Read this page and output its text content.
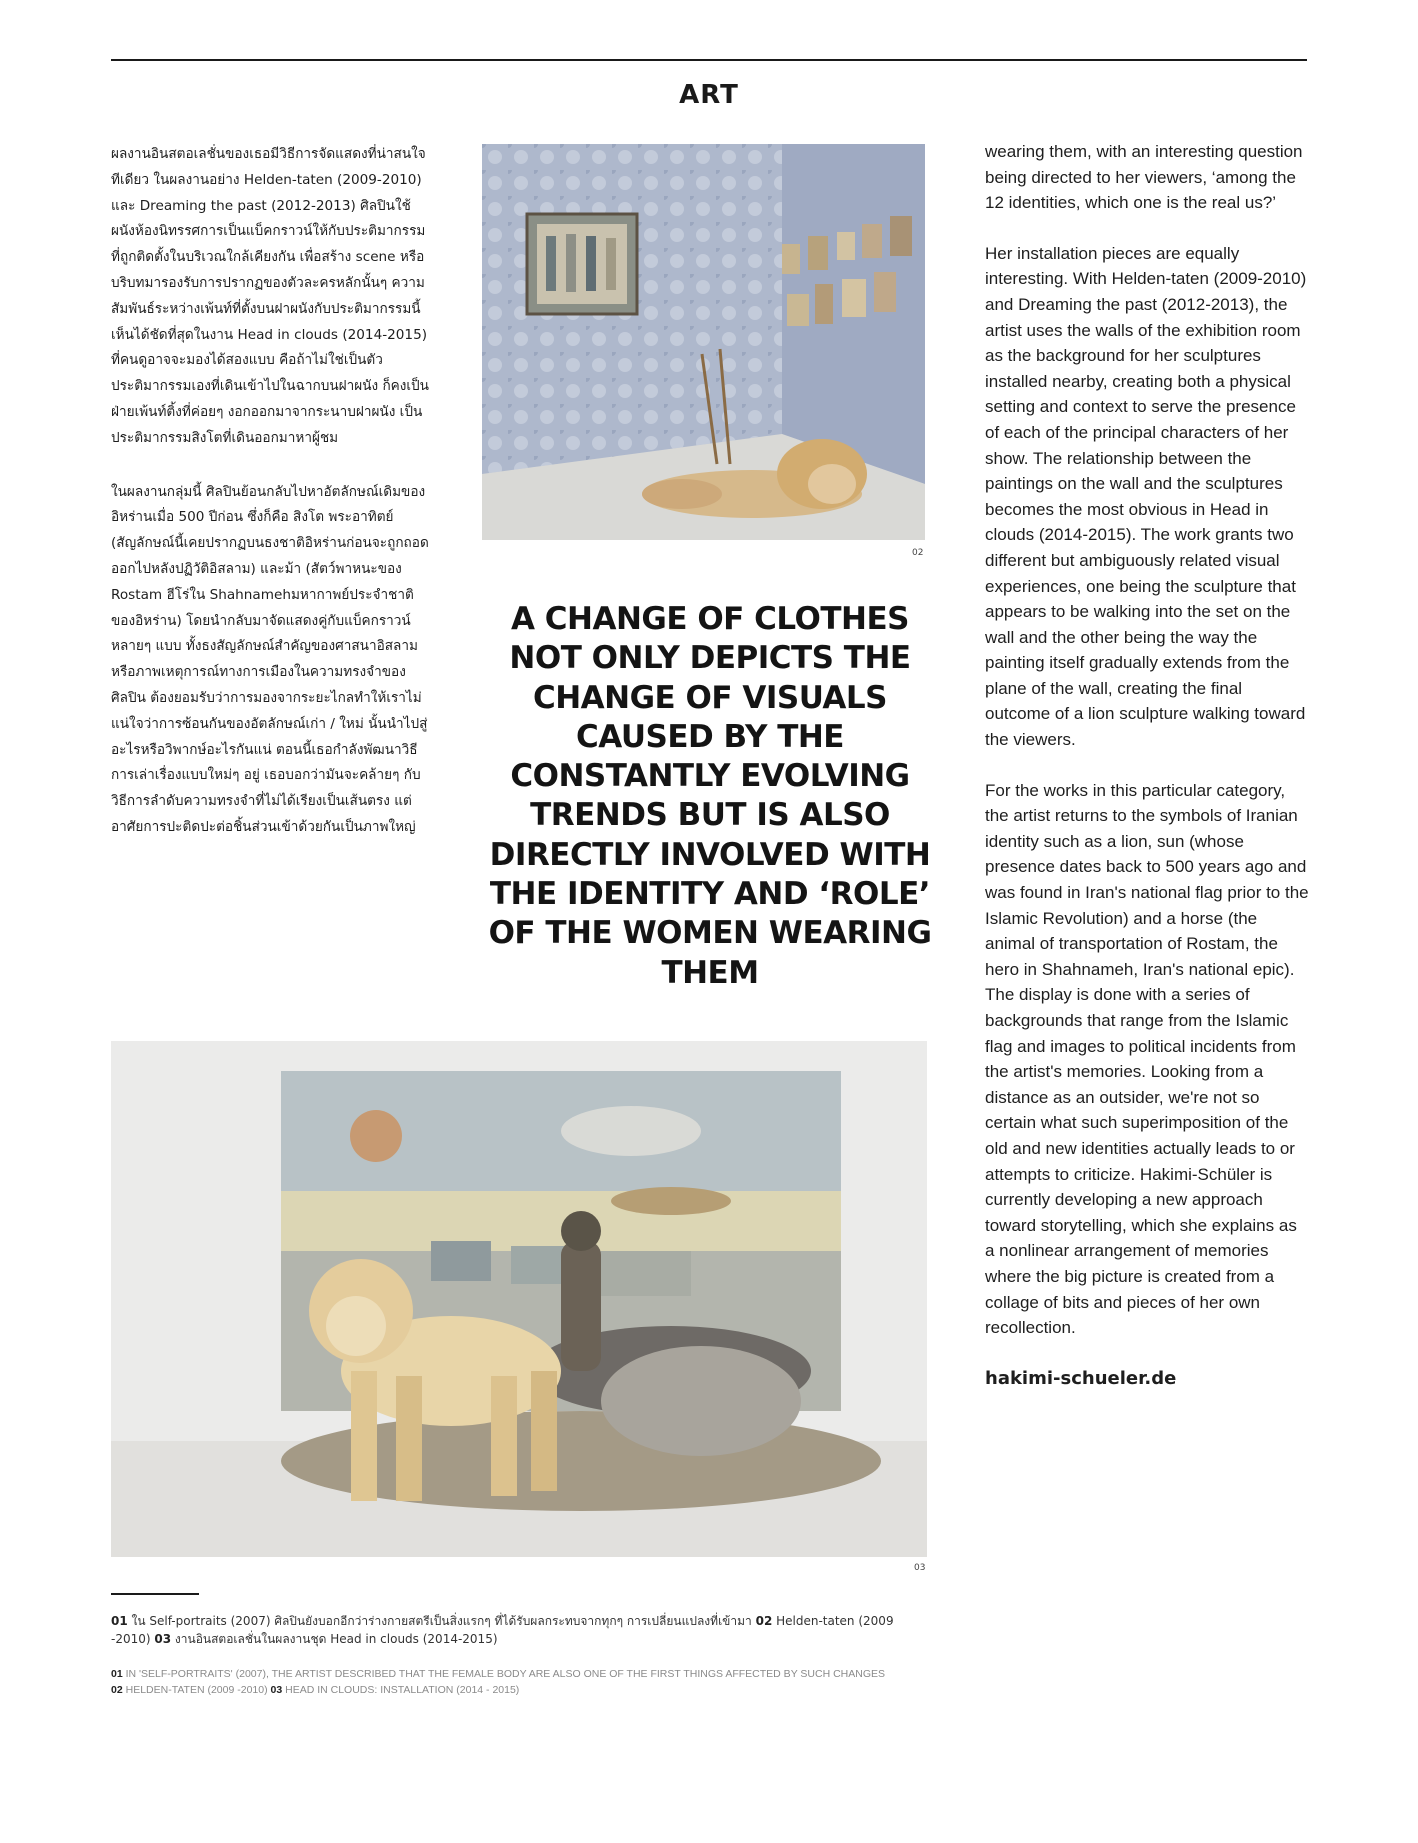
ART

ผลงานอินสตอเลชั่นของเธอมีวิธีการจัดแสดงที่น่าสนใจทีเดียว ในผลงานอย่าง Helden-taten (2009-2010) และ Dreaming the past (2012-2013) ศิลปินใช้ผนังห้องนิทรรศการเป็นแบ็คกราวน์ให้กับประติมากรรมที่ถูกติดตั้งในบริเวณใกล้เคียงกัน เพื่อสร้าง scene หรือบริบทมารองรับการปรากฏของตัวละครหลักนั้นๆ ความสัมพันธ์ระหว่างเพ้นท์ที่ตั้งบนฝาผนังกับประติมากรรมนี้เห็นได้ชัดที่สุดในงาน Head in clouds (2014-2015) ที่คนดูอาจจะมองได้สองแบบ คือถ้าไม่ใช่เป็นตัวประติมากรรมเองที่เดินเข้าไปในฉากบนฝาผนัง ก็คงเป็นฝ่ายเพ้นท์ติ้งที่ค่อยๆ งอกออกมาจากระนาบฝาผนัง เป็นประติมากรรมสิงโตที่เดินออกมาหาผู้ชม

ในผลงานกลุ่มนี้ ศิลปินย้อนกลับไปหาอัตลักษณ์เดิมของอิหร่านเมื่อ 500 ปีก่อน ซึ่งก็คือ สิงโต พระอาทิตย์ (สัญลักษณ์นี้เคยปรากฏบนธงชาติอิหร่านก่อนจะถูกถอดออกไปหลังปฏิวัติอิสลาม) และม้า (สัตว์พาหนะของ Rostam ฮีโร่ใน Shahnamehมหากาพย์ประจำชาติของอิหร่าน) โดยนำกลับมาจัดแสดงคู่กับแบ็คกราวน์หลายๆ แบบ ทั้งธงสัญลักษณ์สำคัญของศาสนาอิสลาม หรือภาพเหตุการณ์ทางการเมืองในความทรงจำของศิลปิน ต้องยอมรับว่าการมองจากระยะไกลทำให้เราไม่แน่ใจว่าการซ้อนกันของอัตลักษณ์เก่า / ใหม่ นั้นนำไปสู่อะไรหรือวิพากษ์อะไรกันแน่ ตอนนี้เธอกำลังพัฒนาวิธีการเล่าเรื่องแบบใหม่ๆ อยู่ เธอบอกว่ามันจะคล้ายๆ กับวิธีการลำดับความทรงจำที่ไม่ได้เรียงเป็นเส้นตรง แต่อาศัยการปะติดปะต่อชิ้นส่วนเข้าด้วยกันเป็นภาพใหญ่

02
A CHANGE OF CLOTHES NOT ONLY DEPICTS THE CHANGE OF VISUALS CAUSED BY THE CONSTANTLY EVOLVING TRENDS BUT IS ALSO DIRECTLY INVOLVED WITH THE IDENTITY AND ‘ROLE’ OF THE WOMEN WEARING THEM
03

wearing them, with an interesting question being directed to her viewers, ‘among the 12 identities, which one is the real us?’

Her installation pieces are equally interesting. With Helden-taten (2009-2010) and Dreaming the past (2012-2013), the artist uses the walls of the exhibition room as the background for her sculptures installed nearby, creating both a physical setting and context to serve the presence of each of the principal characters of her show. The relationship between the paintings on the wall and the sculptures becomes the most obvious in Head in clouds (2014-2015). The work grants two different but ambiguously related visual experiences, one being the sculpture that appears to be walking into the set on the wall and the other being the way the painting itself gradually extends from the plane of the wall, creating the final outcome of a lion sculpture walking toward the viewers.

For the works in this particular category, the artist returns to the symbols of Iranian identity such as a lion, sun (whose presence dates back to 500 years ago and was found in Iran's national flag prior to the Islamic Revolution) and a horse (the animal of transportation of Rostam, the hero in Shahnameh, Iran's national epic). The display is done with a series of backgrounds that range from the Islamic flag and images to political incidents from the artist's memories. Looking from a distance as an outsider, we're not so certain what such superimposition of the old and new identities actually leads to or attempts to criticize. Hakimi-Schüler is currently developing a new approach toward storytelling, which she explains as a nonlinear arrangement of memories where the big picture is created from a collage of bits and pieces of her own recollection.

hakimi-schueler.de
01 ใน Self-portraits (2007) ศิลปินยังบอกอีกว่าร่างกายสตรีเป็นสิ่งแรกๆ ที่ได้รับผลกระทบจากทุกๆ การเปลี่ยนแปลงที่เข้ามา 02 Helden-taten (2009 -2010) 03 งานอินสตอเลชั่นในผลงานชุด Head in clouds (2014-2015)
01 IN 'SELF-PORTRAITS' (2007), THE ARTIST DESCRIBED THAT THE FEMALE BODY ARE ALSO ONE OF THE FIRST THINGS AFFECTED BY SUCH CHANGES
02 HELDEN-TATEN (2009 -2010) 03 HEAD IN CLOUDS: INSTALLATION (2014 - 2015)
